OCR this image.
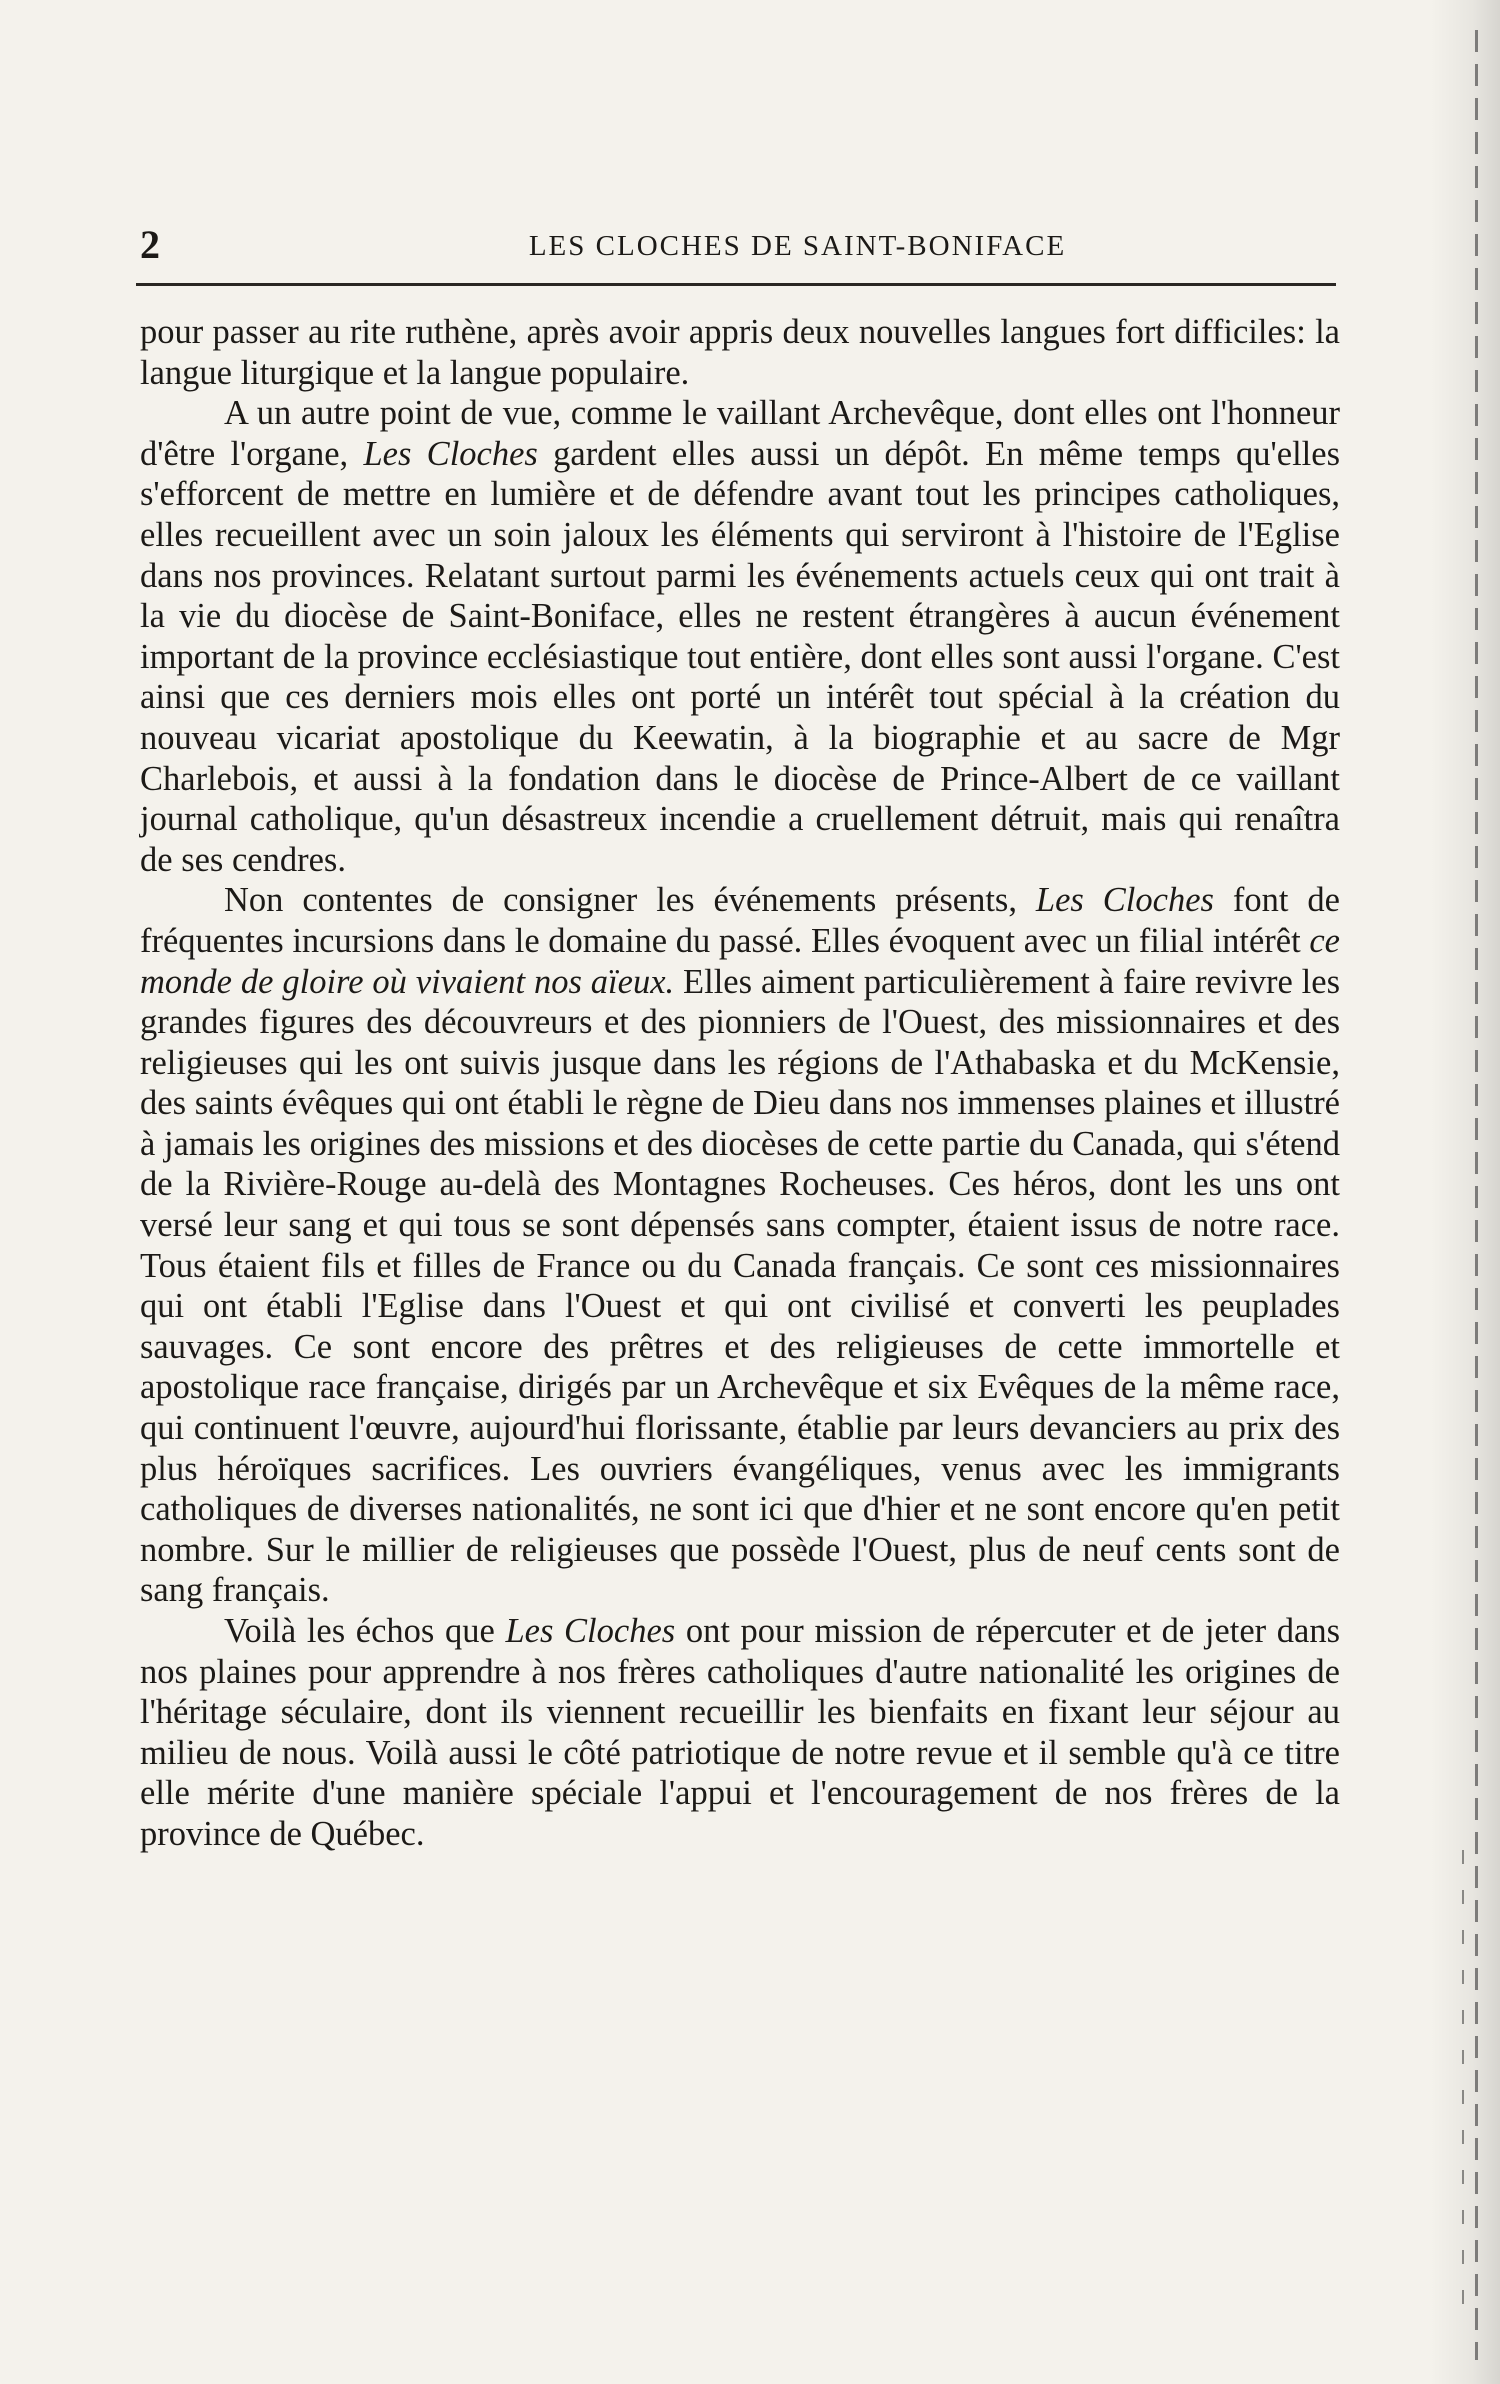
2	LES CLOCHES DE SAINT-BONIFACE

pour passer au rite ruthène, après avoir appris deux nouvelles langues fort difficiles: la langue liturgique et la langue populaire.

A un autre point de vue, comme le vaillant Archevêque, dont elles ont l'honneur d'être l'organe, Les Cloches gardent elles aussi un dépôt. En même temps qu'elles s'efforcent de mettre en lumière et de défendre avant tout les principes catholiques, elles recueillent avec un soin jaloux les éléments qui serviront à l'histoire de l'Eglise dans nos provinces. Relatant surtout parmi les événements actuels ceux qui ont trait à la vie du diocèse de Saint-Boniface, elles ne restent étrangères à aucun événement important de la province ecclésiastique tout entière, dont elles sont aussi l'organe. C'est ainsi que ces derniers mois elles ont porté un intérêt tout spécial à la création du nouveau vicariat apostolique du Keewatin, à la biographie et au sacre de Mgr Charlebois, et aussi à la fondation dans le diocèse de Prince-Albert de ce vaillant journal catholique, qu'un désastreux incendie a cruellement détruit, mais qui renaîtra de ses cendres.

Non contentes de consigner les événements présents, Les Cloches font de fréquentes incursions dans le domaine du passé. Elles évoquent avec un filial intérêt ce monde de gloire où vivaient nos aïeux. Elles aiment particulièrement à faire revivre les grandes figures des découvreurs et des pionniers de l'Ouest, des missionnaires et des religieuses qui les ont suivis jusque dans les régions de l'Athabaska et du McKensie, des saints évêques qui ont établi le règne de Dieu dans nos immenses plaines et illustré à jamais les origines des missions et des diocèses de cette partie du Canada, qui s'étend de la Rivière-Rouge au-delà des Montagnes Rocheuses. Ces héros, dont les uns ont versé leur sang et qui tous se sont dépensés sans compter, étaient issus de notre race. Tous étaient fils et filles de France ou du Canada français. Ce sont ces missionnaires qui ont établi l'Eglise dans l'Ouest et qui ont civilisé et converti les peuplades sauvages. Ce sont encore des prêtres et des religieuses de cette immortelle et apostolique race française, dirigés par un Archevêque et six Evêques de la même race, qui continuent l'œuvre, aujourd'hui florissante, établie par leurs devanciers au prix des plus héroïques sacrifices. Les ouvriers évangéliques, venus avec les immigrants catholiques de diverses nationalités, ne sont ici que d'hier et ne sont encore qu'en petit nombre. Sur le millier de religieuses que possède l'Ouest, plus de neuf cents sont de sang français.

Voilà les échos que Les Cloches ont pour mission de répercuter et de jeter dans nos plaines pour apprendre à nos frères catholiques d'autre nationalité les origines de l'héritage séculaire, dont ils viennent recueillir les bienfaits en fixant leur séjour au milieu de nous. Voilà aussi le côté patriotique de notre revue et il semble qu'à ce titre elle mérite d'une manière spéciale l'appui et l'encouragement de nos frères de la province de Québec.
